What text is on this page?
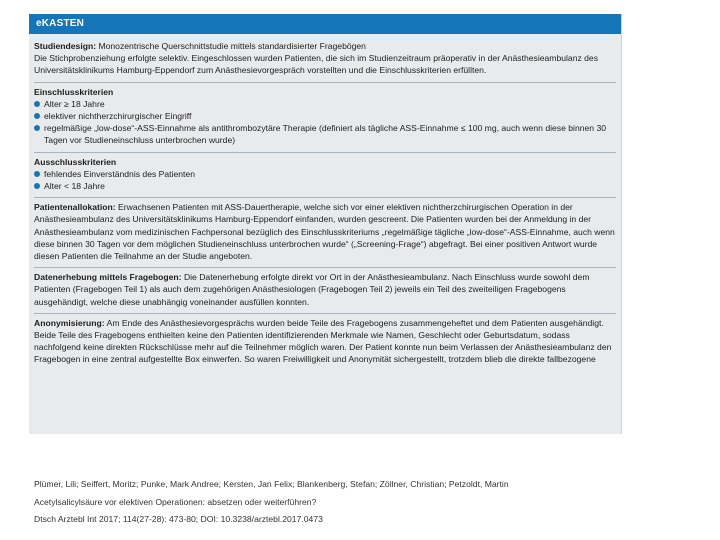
eKASTEN
Studiendesign: Monozentrische Querschnittstudie mittels standardisierter Fragebögen
Die Stichprobenziehung erfolgte selektiv. Eingeschlossen wurden Patienten, die sich im Studienzeitraum präoperativ in der Anästhesieambulanz des Universitätsklinikums Hamburg-Eppendorf zum Anästhesievorgespräch vorstellten und die Einschlusskriterien erfüllten.
Einschlusskriterien
Alter ≥ 18 Jahre
elektiver nichtherzchirurgischer Eingriff
regelmäßige „low-dose“-ASS-Einnahme als antithrombozytäre Therapie (definiert als tägliche ASS-Einnahme ≤ 100 mg, auch wenn diese binnen 30 Tagen vor Studieneinschluss unterbrochen wurde)
Ausschlusskriterien
fehlendes Einverständnis des Patienten
Alter < 18 Jahre
Patientenallokation: Erwachsenen Patienten mit ASS-Dauertherapie, welche sich vor einer elektiven nichtherzchirurgischen Operation in der Anästhesieambulanz des Universitätsklinikums Hamburg-Eppendorf einfanden, wurden gescreent. Die Patienten wurden bei der Anmeldung in der Anästhesieambulanz vom medizinischen Fachpersonal bezüglich des Einschlusskriteriums „regelmäßige tägliche „low-dose“-ASS-Einnahme, auch wenn diese binnen 30 Tagen vor dem möglichen Studieneinschluss unterbrochen wurde“ („Screening-Frage“) abgefragt. Bei einer positiven Antwort wurde diesen Patienten die Teilnahme an der Studie angeboten.
Datenerhebung mittels Fragebogen: Die Datenerhebung erfolgte direkt vor Ort in der Anästhesieambulanz. Nach Einschluss wurde sowohl dem Patienten (Fragebogen Teil 1) als auch dem zugehörigen Anästhesiologen (Fragebogen Teil 2) jeweils ein Teil des zweiteiligen Fragebogens ausgehändigt, welche diese unabhängig voneinander ausfüllen konnten.
Anonymisierung: Am Ende des Anästhesievorgesprächs wurden beide Teile des Fragebogens zusammengeheftet und dem Patienten ausgehändigt. Beide Teile des Fragebogens enthielten keine den Patienten identifizierenden Merkmale wie Namen, Geschlecht oder Geburtsdatum, sodass nachfolgend keine direkten Rückschlüsse mehr auf die Teilnehmer möglich waren. Der Patient konnte nun beim Verlassen der Anästhesieambulanz den Fragebogen in eine zentral aufgestellte Box einwerfen. So waren Freiwilligkeit und Anonymität sichergestellt, trotzdem blieb die direkte fallbezogene
Plümer, Lili; Seiffert, Moritz; Punke, Mark Andree; Kersten, Jan Felix; Blankenberg, Stefan; Zöllner, Christian; Petzoldt, Martin
Acetylsalicylsäure vor elektiven Operationen: absetzen oder weiterführen?
Dtsch Arztebl Int 2017; 114(27-28): 473-80; DOI: 10.3238/arztebl.2017.0473
